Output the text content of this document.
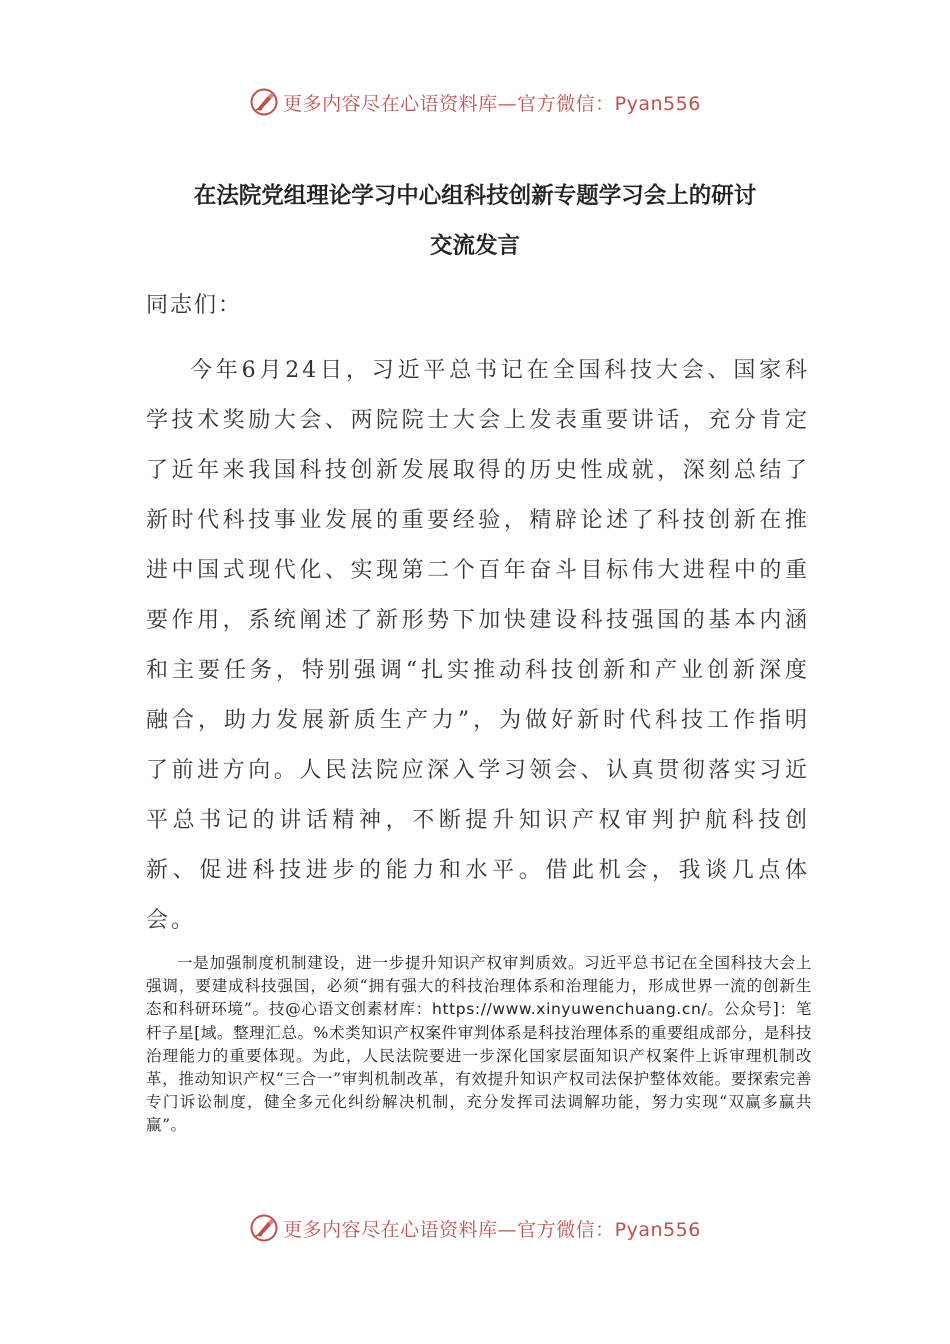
更多内容尽在心语资料库—官方微信：Pyan556
在法院党组理论学习中心组科技创新专题学习会上的研讨
交流发言
同志们：
今年6月24日，习近平总书记在全国科技大会、国家科学技术奖励大会、两院院士大会上发表重要讲话，充分肯定了近年来我国科技创新发展取得的历史性成就，深刻总结了新时代科技事业发展的重要经验，精辟论述了科技创新在推进中国式现代化、实现第二个百年奋斗目标伟大进程中的重要作用，系统阐述了新形势下加快建设科技强国的基本内涵和主要任务，特别强调“扎实推动科技创新和产业创新深度融合，助力发展新质生产力”，为做好新时代科技工作指明了前进方向。人民法院应深入学习领会、认真贯彻落实习近平总书记的讲话精神，不断提升知识产权审判护航科技创新、促进科技进步的能力和水平。借此机会，我谈几点体会。
一是加强制度机制建设，进一步提升知识产权审判质效。习近平总书记在全国科技大会上强调，要建成科技强国，必须“拥有强大的科技治理体系和治理能力，形成世界一流的创新生态和科研环境”。技@心语文创素材库：https://www.xinyuwenchuang.cn/。公众号]：笔杆子星[域。整理汇总。%术类知识产权案件审判体系是科技治理体系的重要组成部分，是科技治理能力的重要体现。为此，人民法院要进一步深化国家层面知识产权案件上诉审理机制改革，推动知识产权“三合一”审判机制改革，有效提升知识产权司法保护整体效能。要探索完善专门诉讼制度，健全多元化纠纷解决机制，充分发挥司法调解功能，努力实现“双赢多赢共赢”。
更多内容尽在心语资料库—官方微信：Pyan556
